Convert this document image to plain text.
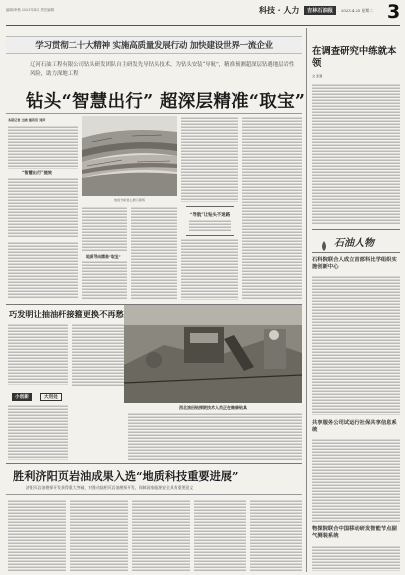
编辑/审核 2023年4月 责任编辑	科技 · 人力	吉林石油报	2023.4.25 星期二 3
学习贯彻二十大精神 实施高质量发展行动 加快建设世界一流企业
辽河石油工程有限公司钻头研发团队自主研发先导钻头技术，为钻头安装“导航”，精准预测超深层钻遇地层岩性风险，助力深地工程
钻头“智慧出行” 超深层精准“取宝”
本报记者 王晓 通讯员 刘洋
“智慧出行”提效
地质分析岩心展示现场
地质导向精准“取宝”
“导航”让钻头不迷路
巧发明让抽油杆接箍更换不再愁
小创新	大用处
西北油田钻探院技术人员正在维修钻具
胜利济阳页岩油成果入选“地质科技重要进展”
济阳页岩油勘探开发获得重大突破，对推动陆相页岩油勘探开发、保障国家能源安全具有重要意义
在调查研究中练就本领
文 张强
石油人物
石科院联合人成立首部科比学组织实施创新中心
共享服务公司试运行社保共享信息系统
物探院联合中国移动研发智能节点副气测装系统
